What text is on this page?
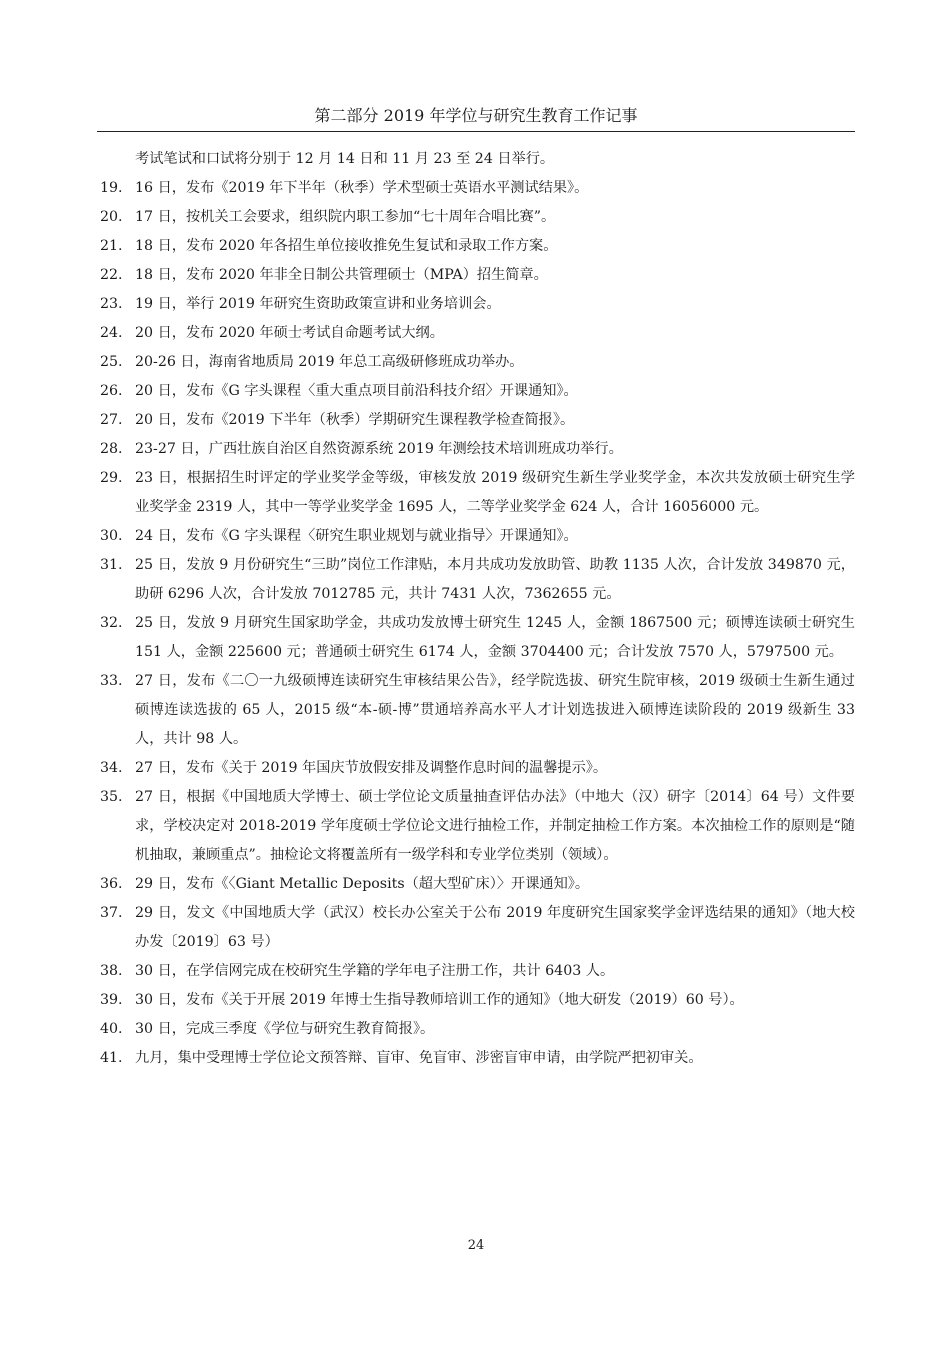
第二部分 2019 年学位与研究生教育工作记事
考试笔试和口试将分别于 12 月 14 日和 11 月 23 至 24 日举行。
19. 16 日，发布《2019 年下半年（秋季）学术型硕士英语水平测试结果》。
20. 17 日，按机关工会要求，组织院内职工参加“七十周年合唱比赛”。
21. 18 日，发布 2020 年各招生单位接收推免生复试和录取工作方案。
22. 18 日，发布 2020 年非全日制公共管理硕士（MPA）招生简章。
23. 19 日，举行 2019 年研究生资助政策宣讲和业务培训会。
24. 20 日，发布 2020 年硕士考试自命题考试大纲。
25. 20-26 日，海南省地质局 2019 年总工高级研修班成功举办。
26. 20 日，发布《G 字头课程〈重大重点项目前沿科技介绍〉开课通知》。
27. 20 日，发布《2019 下半年（秋季）学期研究生课程教学检查简报》。
28. 23-27 日，广西壮族自治区自然资源系统 2019 年测绘技术培训班成功举行。
29. 23 日，根据招生时评定的学业奖学金等级，审核发放 2019 级研究生新生学业奖学金，本次共发放硕士研究生学业奖学金 2319 人，其中一等学业奖学金 1695 人，二等学业奖学金 624 人，合计 16056000 元。
30. 24 日，发布《G 字头课程〈研究生职业规划与就业指导〉开课通知》。
31. 25 日，发放 9 月份研究生“三助”岗位工作津贴，本月共成功发放助管、助教 1135 人次，合计发放 349870 元，助研 6296 人次，合计发放 7012785 元，共计 7431 人次，7362655 元。
32. 25 日，发放 9 月研究生国家助学金，共成功发放博士研究生 1245 人，金额 1867500 元；硕博连读硕士研究生 151 人，金额 225600 元；普通硕士研究生 6174 人，金额 3704400 元；合计发放 7570 人，5797500 元。
33. 27 日，发布《二〇一九级硕博连读研究生审核结果公告》，经学院选拔、研究生院审核，2019 级硕士生新生通过硕博连读选拔的 65 人，2015 级“本-硕-博”贯通培养高水平人才计划选拔进入硕博连读阶段的 2019 级新生 33 人，共计 98 人。
34. 27 日，发布《关于 2019 年国庆节放假安排及调整作息时间的温馨提示》。
35. 27 日，根据《中国地质大学博士、硕士学位论文质量抽查评估办法》（中地大（汉）研字〔2014〕64 号）文件要求，学校决定对 2018-2019 学年度硕士学位论文进行抽检工作，并制定抽检工作方案。本次抽检工作的原则是“随机抽取，兼顾重点”。抽检论文将覆盖所有一级学科和专业学位类别（领域）。
36. 29 日，发布《〈Giant Metallic Deposits（超大型矿床）〉开课通知》。
37. 29 日，发文《中国地质大学（武汉）校长办公室关于公布 2019 年度研究生国家奖学金评选结果的通知》（地大校办发〔2019〕63 号）
38. 30 日，在学信网完成在校研究生学籍的学年电子注册工作，共计 6403 人。
39. 30 日，发布《关于开展 2019 年博士生指导教师培训工作的通知》（地大研发（2019）60 号）。
40. 30 日，完成三季度《学位与研究生教育简报》。
41. 九月，集中受理博士学位论文预答辩、盲审、免盲审、涉密盲审申请，由学院严把初审关。
24
